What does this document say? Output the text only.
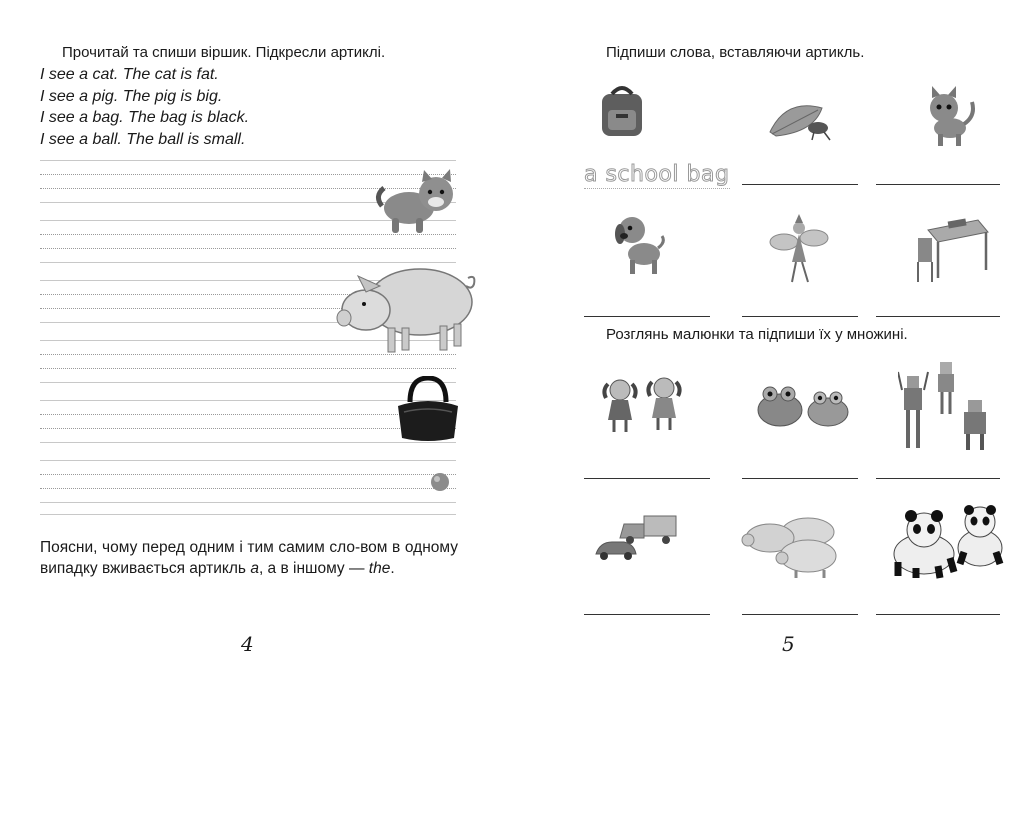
Прочитай та спиши віршик. Підкресли артиклі.
I see a cat. The cat is fat.
I see a pig. The pig is big.
I see a bag. The bag is black.
I see a ball. The ball is small.

Поясни, чому перед одним і тим самим сло-вом в одному випадку вживається артикль a, а в іншому — the.

4
Підпиши слова, вставляючи артикль.
a school bag
Розглянь малюнки та підпиши їх у множині.
5
